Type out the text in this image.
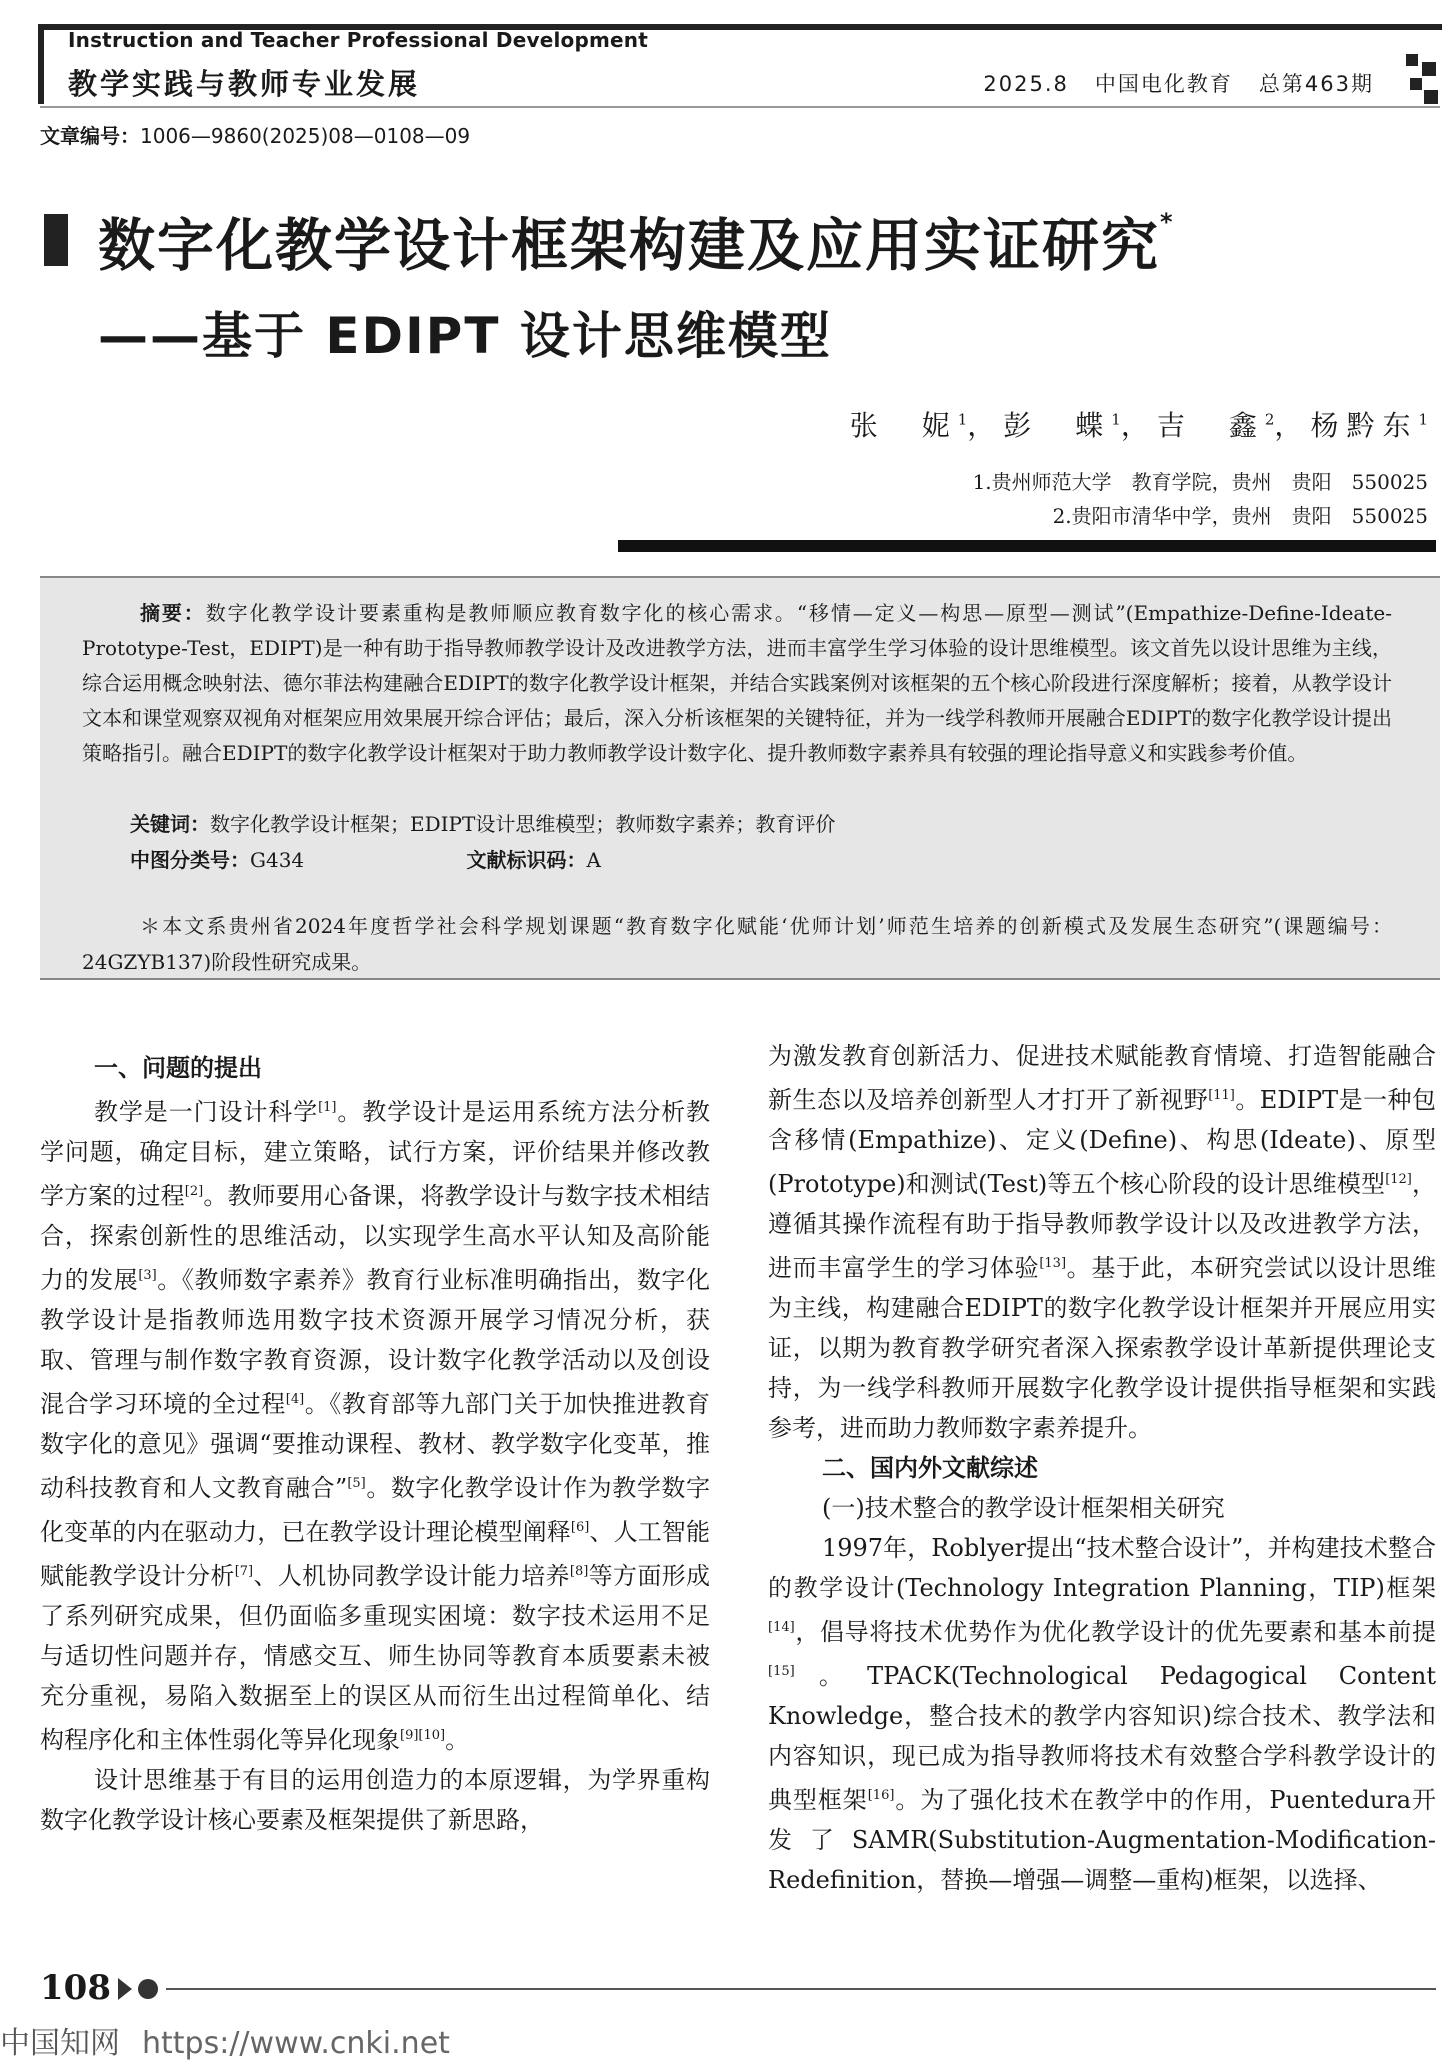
Instruction and Teacher Professional Development
教学实践与教师专业发展	2025.8 中国电化教育 总第463期
文章编号：1006—9860(2025)08—0108—09
数字化教学设计框架构建及应用实证研究*
——基于 EDIPT 设计思维模型
张　妮$^1$，彭　蝶$^1$，吉　鑫$^2$，杨黔东$^1$
1.贵州师范大学　教育学院，贵州　贵阳　550025
2.贵阳市清华中学，贵州　贵阳　550025
摘要：数字化教学设计要素重构是教师顺应教育数字化的核心需求。“移情—定义—构思—原型—测试”(Empathize-Define-Ideate-Prototype-Test，EDIPT)是一种有助于指导教师教学设计及改进教学方法，进而丰富学生学习体验的设计思维模型。该文首先以设计思维为主线，综合运用概念映射法、德尔菲法构建融合EDIPT的数字化教学设计框架，并结合实践案例对该框架的五个核心阶段进行深度解析；接着，从教学设计文本和课堂观察双视角对框架应用效果展开综合评估；最后，深入分析该框架的关键特征，并为一线学科教师开展融合EDIPT的数字化教学设计提出策略指引。融合EDIPT的数字化教学设计框架对于助力教师教学设计数字化、提升教师数字素养具有较强的理论指导意义和实践参考价值。
关键词：数字化教学设计框架；EDIPT设计思维模型；教师数字素养；教育评价
中图分类号：G434	文献标识码：A
＊本文系贵州省2024年度哲学社会科学规划课题“教育数字化赋能‘优师计划’师范生培养的创新模式及发展生态研究”(课题编号：24GZYB137)阶段性研究成果。
一、问题的提出

教学是一门设计科学[1]。教学设计是运用系统方法分析教学问题，确定目标，建立策略，试行方案，评价结果并修改教学方案的过程[2]。教师要用心备课，将教学设计与数字技术相结合，探索创新性的思维活动，以实现学生高水平认知及高阶能力的发展[3]。《教师数字素养》教育行业标准明确指出，数字化教学设计是指教师选用数字技术资源开展学习情况分析，获取、管理与制作数字教育资源，设计数字化教学活动以及创设混合学习环境的全过程[4]。《教育部等九部门关于加快推进教育数字化的意见》强调“要推动课程、教材、教学数字化变革，推动科技教育和人文教育融合”[5]。数字化教学设计作为教学数字化变革的内在驱动力，已在教学设计理论模型阐释[6]、人工智能赋能教学设计分析[7]、人机协同教学设计能力培养[8]等方面形成了系列研究成果，但仍面临多重现实困境：数字技术运用不足与适切性问题并存，情感交互、师生协同等教育本质要素未被充分重视，易陷入数据至上的误区从而衍生出过程简单化、结构程序化和主体性弱化等异化现象[9][10]。

设计思维基于有目的运用创造力的本原逻辑，为学界重构数字化教学设计核心要素及框架提供了新思路，

为激发教育创新活力、促进技术赋能教育情境、打造智能融合新生态以及培养创新型人才打开了新视野[11]。EDIPT是一种包含移情(Empathize)、定义(Define)、构思(Ideate)、原型(Prototype)和测试(Test)等五个核心阶段的设计思维模型[12]，遵循其操作流程有助于指导教师教学设计以及改进教学方法，进而丰富学生的学习体验[13]。基于此，本研究尝试以设计思维为主线，构建融合EDIPT的数字化教学设计框架并开展应用实证，以期为教育教学研究者深入探索教学设计革新提供理论支持，为一线学科教师开展数字化教学设计提供指导框架和实践参考，进而助力教师数字素养提升。

二、国内外文献综述
(一)技术整合的教学设计框架相关研究

1997年，Roblyer提出“技术整合设计”，并构建技术整合的教学设计(Technology Integration Planning，TIP)框架[14]，倡导将技术优势作为优化教学设计的优先要素和基本前提[15]。TPACK(Technological Pedagogical Content Knowledge，整合技术的教学内容知识)综合技术、教学法和内容知识，现已成为指导教师将技术有效整合学科教学设计的典型框架[16]。为了强化技术在教学中的作用，Puentedura开发了SAMR(Substitution-Augmentation-Modification-Redefinition，替换—增强—调整—重构)框架，以选择、

108
中国知网 https://www.cnki.net
